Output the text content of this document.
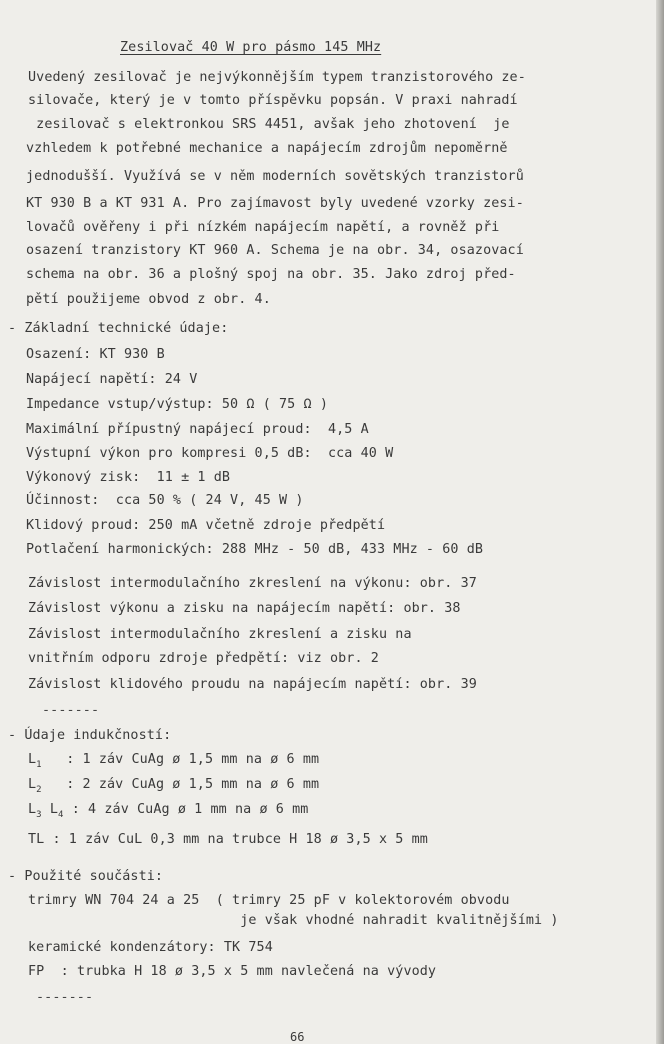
Zesilovač 40 W pro pásmo 145 MHz
Uvedený zesilovač je nejvýkonnějším typem tranzistorového ze-
silovače, který je v tomto příspěvku popsán. V praxi nahradí
zesilovač s elektronkou SRS 4451, avšak jeho zhotovení  je
vzhledem k potřebné mechanice a napájecím zdrojům nepoměrně
jednodušší. Využívá se v něm moderních sovětských tranzistorů
KT 930 B a KT 931 A. Pro zajímavost byly uvedené vzorky zesi-
lovačů ověřeny i při nízkém napájecím napětí, a rovněž při
osazení tranzistory KT 960 A. Schema je na obr. 34, osazovací
schema na obr. 36 a plošný spoj na obr. 35. Jako zdroj před-
pětí použijeme obvod z obr. 4.
- Základní technické údaje:
Osazení: KT 930 B
Napájecí napětí: 24 V
Impedance vstup/výstup: 50 Ω ( 75 Ω )
Maximální přípustný napájecí proud:  4,5 A
Výstupní výkon pro kompresi 0,5 dB:  cca 40 W
Výkonový zisk:  11 ± 1 dB
Účinnost:  cca 50 % ( 24 V, 45 W )
Klidový proud: 250 mA včetně zdroje předpětí
Potlačení harmonických: 288 MHz - 50 dB, 433 MHz - 60 dB
Závislost intermodulačního zkreslení na výkonu: obr. 37
Závislost výkonu a zisku na napájecím napětí: obr. 38
Závislost intermodulačního zkreslení a zisku na
vnitřním odporu zdroje předpětí: viz obr. 2
Závislost klidového proudu na napájecím napětí: obr. 39
-------
- Údaje indukčností:
$L_1$   : 1 záv CuAg ø 1,5 mm na ø 6 mm
$L_2$   : 2 záv CuAg ø 1,5 mm na ø 6 mm
$L_3$ $L_4$ : 4 záv CuAg ø 1 mm na ø 6 mm
TL : 1 záv CuL 0,3 mm na trubce H 18 ø 3,5 x 5 mm
- Použité součásti:
trimry WN 704 24 a 25  ( trimry 25 pF v kolektorovém obvodu
je však vhodné nahradit kvalitnějšími )
keramické kondenzátory: TK 754
FP  : trubka H 18 ø 3,5 x 5 mm navlečená na vývody
-------
66
